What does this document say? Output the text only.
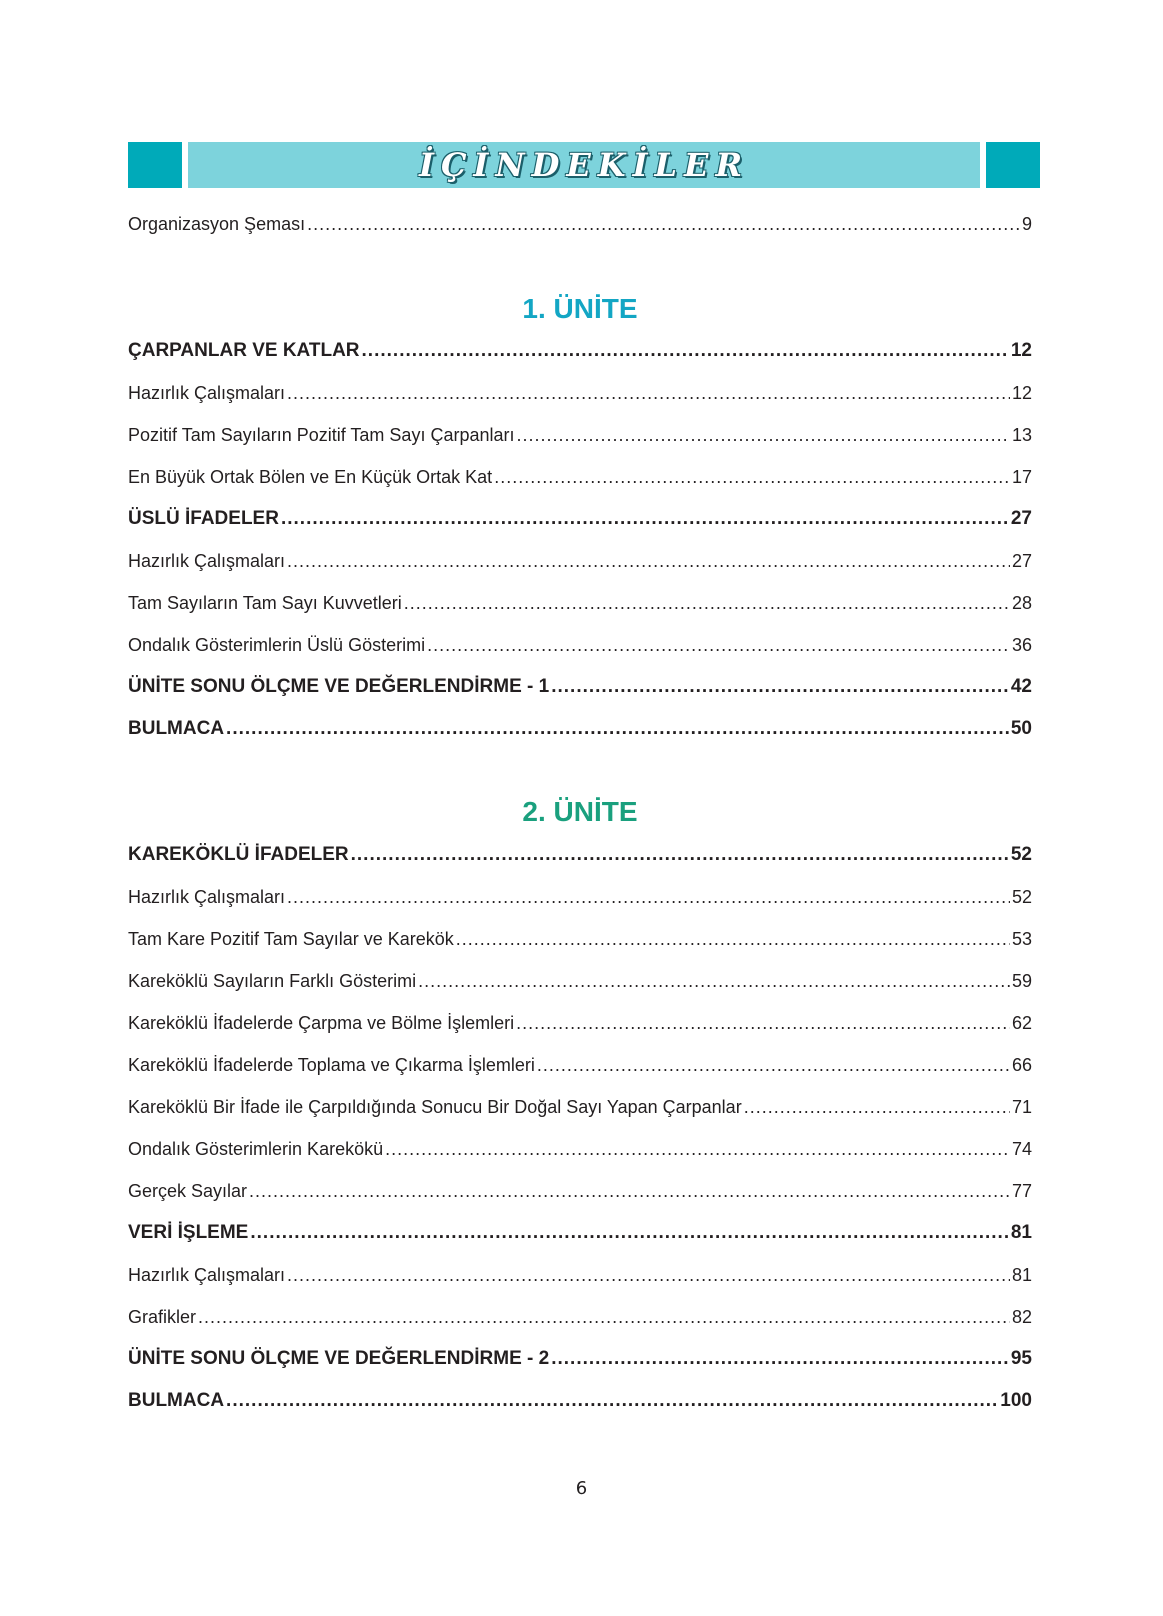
İÇİNDEKİLER
Organizasyon Şeması .....	9
1. ÜNİTE
ÇARPANLAR VE KATLAR .....	12
Hazırlık Çalışmaları .....	12
Pozitif Tam Sayıların Pozitif Tam Sayı Çarpanları .....	13
En Büyük Ortak Bölen ve En Küçük Ortak Kat .....	17
ÜSLÜ İFADELER .....	27
Hazırlık Çalışmaları .....	27
Tam Sayıların Tam Sayı Kuvvetleri .....	28
Ondalık Gösterimlerin Üslü Gösterimi .....	36
ÜNİTE SONU ÖLÇME VE DEĞERLENDİRME - 1 .....	42
BULMACA .....	50
2. ÜNİTE
KAREKÖKLÜ İFADELER .....	52
Hazırlık Çalışmaları .....	52
Tam Kare Pozitif Tam Sayılar ve Karekök .....	53
Kareköklü Sayıların Farklı Gösterimi .....	59
Kareköklü İfadelerde Çarpma ve Bölme İşlemleri .....	62
Kareköklü İfadelerde Toplama ve Çıkarma İşlemleri .....	66
Kareköklü Bir İfade ile Çarpıldığında Sonucu Bir Doğal Sayı Yapan Çarpanlar .....	71
Ondalık Gösterimlerin Karekökü .....	74
Gerçek Sayılar .....	77
VERİ İŞLEME .....	81
Hazırlık Çalışmaları .....	81
Grafikler .....	82
ÜNİTE SONU ÖLÇME VE DEĞERLENDİRME - 2 .....	95
BULMACA .....	100
6
